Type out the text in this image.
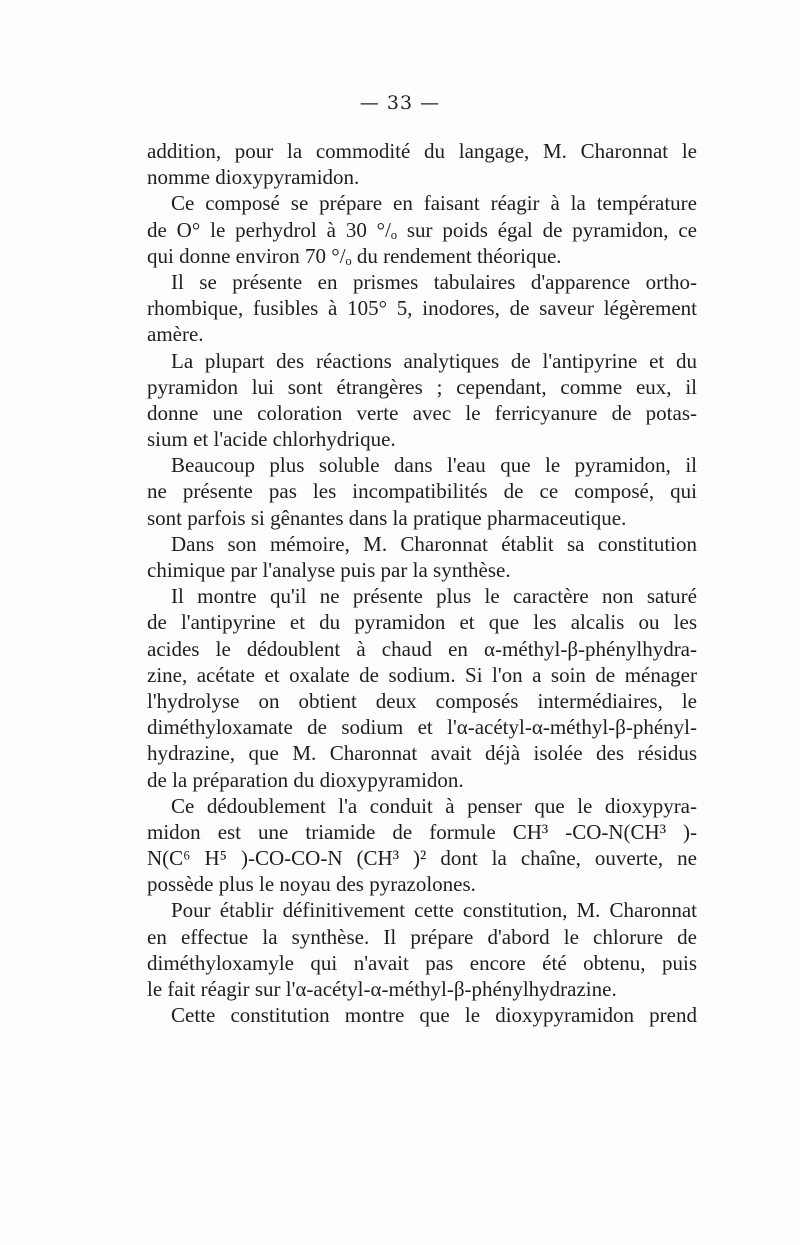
— 33 —
addition, pour la commodité du langage, M. Charonnat le
nomme dioxypyramidon.
Ce composé se prépare en faisant réagir à la température
de O° le perhydrol à 30 °/ₒ sur poids égal de pyramidon, ce
qui donne environ 70 °/ₒ du rendement théorique.
Il se présente en prismes tabulaires d'apparence ortho-
rhombique, fusibles à 105° 5, inodores, de saveur légèrement
amère.
La plupart des réactions analytiques de l'antipyrine et du
pyramidon lui sont étrangères ; cependant, comme eux, il
donne une coloration verte avec le ferricyanure de potas-
sium et l'acide chlorhydrique.
Beaucoup plus soluble dans l'eau que le pyramidon, il
ne présente pas les incompatibilités de ce composé, qui
sont parfois si gênantes dans la pratique pharmaceutique.
Dans son mémoire, M. Charonnat établit sa constitution
chimique par l'analyse puis par la synthèse.
Il montre qu'il ne présente plus le caractère non saturé
de l'antipyrine et du pyramidon et que les alcalis ou les
acides le dédoublent à chaud en α-méthyl-β-phénylhydra-
zine, acétate et oxalate de sodium. Si l'on a soin de ménager
l'hydrolyse on obtient deux composés intermédiaires, le
diméthyloxamate de sodium et l'α-acétyl-α-méthyl-β-phényl-
hydrazine, que M. Charonnat avait déjà isolée des résidus
de la préparation du dioxypyramidon.
Ce dédoublement l'a conduit à penser que le dioxypyra-
midon est une triamide de formule CH³ -CO-N(CH³ )-
N(C⁶ H⁵ )-CO-CO-N (CH³ )² dont la chaîne, ouverte, ne
possède plus le noyau des pyrazolones.
Pour établir définitivement cette constitution, M. Charonnat
en effectue la synthèse. Il prépare d'abord le chlorure de
diméthyloxamyle qui n'avait pas encore été obtenu, puis
le fait réagir sur l'α-acétyl-α-méthyl-β-phénylhydrazine.
Cette constitution montre que le dioxypyramidon prend
